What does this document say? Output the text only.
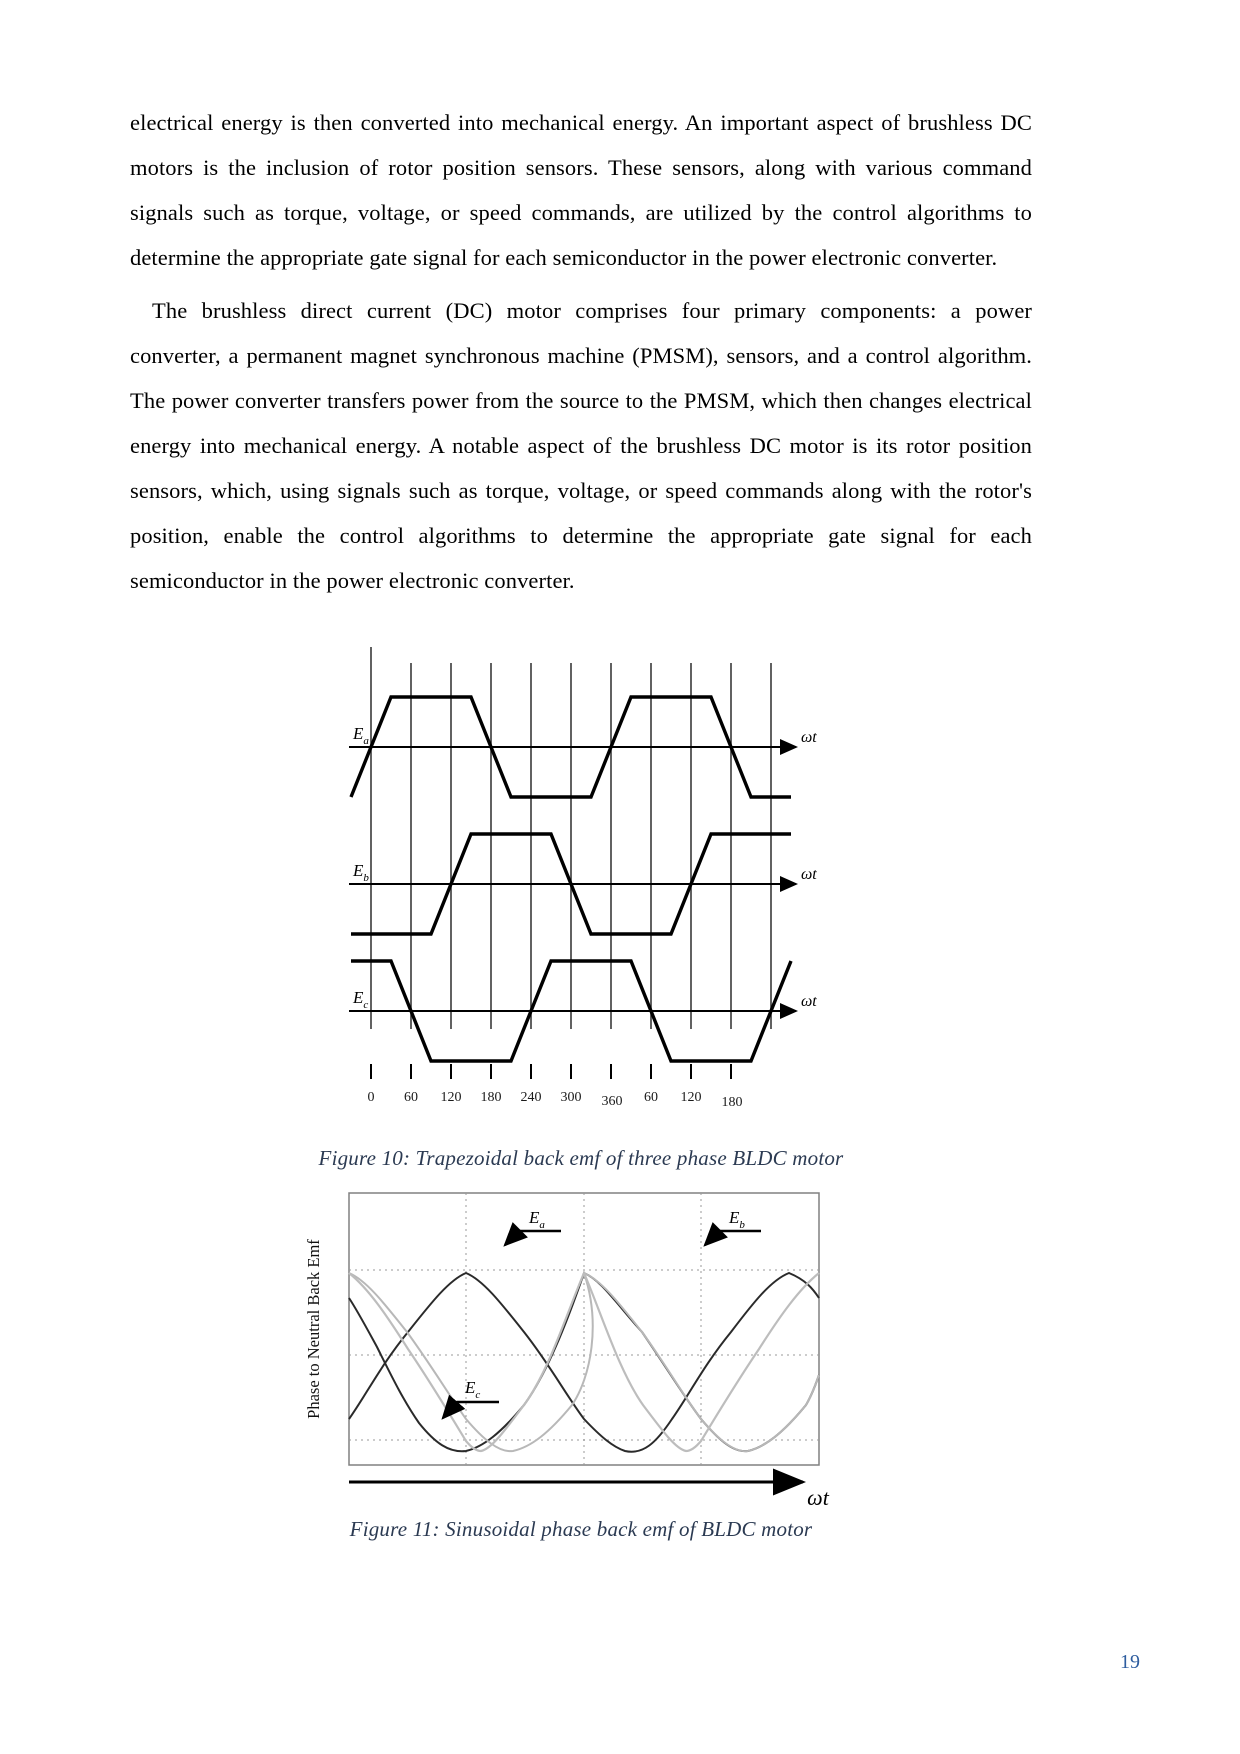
electrical energy is then converted into mechanical energy. An important aspect of brushless DC motors is the inclusion of rotor position sensors. These sensors, along with various command signals such as torque, voltage, or speed commands, are utilized by the control algorithms to determine the appropriate gate signal for each semiconductor in the power electronic converter.

The brushless direct current (DC) motor comprises four primary components: a power converter, a permanent magnet synchronous machine (PMSM), sensors, and a control algorithm. The power converter transfers power from the source to the PMSM, which then changes electrical energy into mechanical energy. A notable aspect of the brushless DC motor is its rotor position sensors, which, using signals such as torque, voltage, or speed commands along with the rotor's position, enable the control algorithms to determine the appropriate gate signal for each semiconductor in the power electronic converter.

$E_a$	ωt
$E_b$	ωt
$E_c$	ωt
0 60 120 180 240 300 360 60 120 180
Figure 10: Trapezoidal back emf of three phase BLDC motor
Phase to Neutral Back Emf
ωt
$E_a$	$E_b$
$E_c$
Figure 11: Sinusoidal phase back emf of BLDC motor
19
